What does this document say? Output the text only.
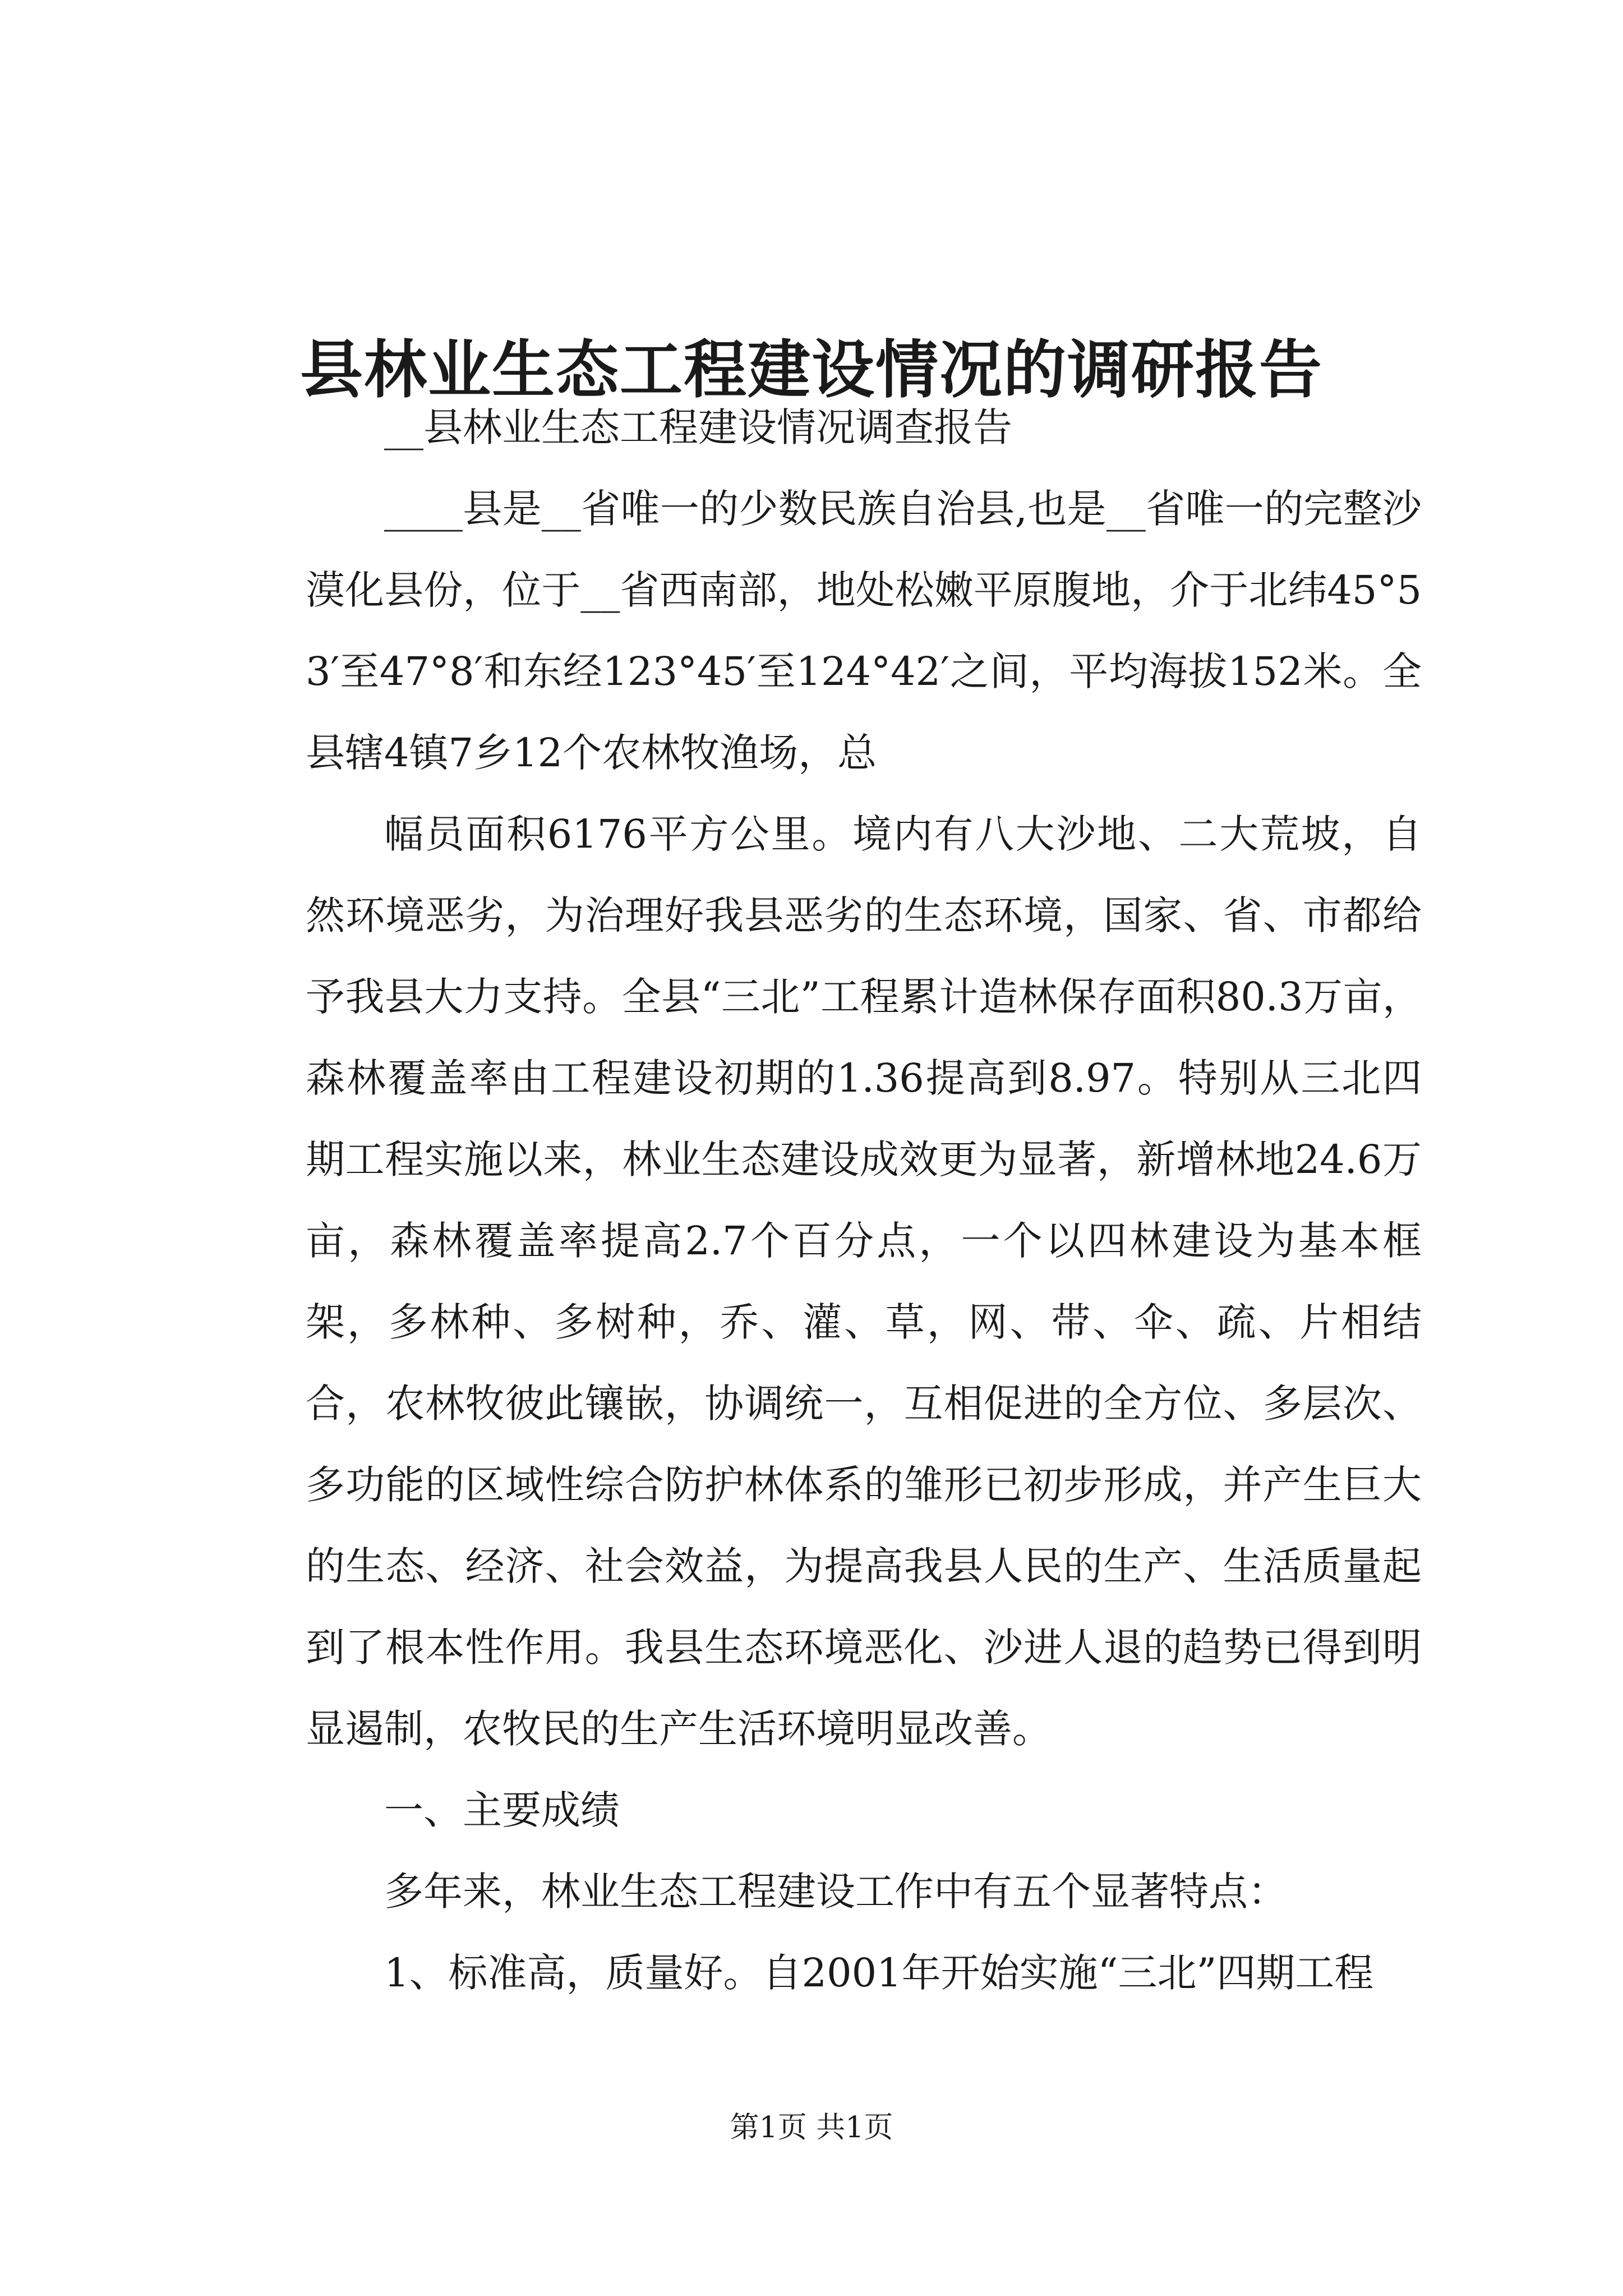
县林业生态工程建设情况的调研报告

__县林业生态工程建设情况调查报告

____县是__省唯一的少数民族自治县,也是__省唯一的完整沙漠化县份，位于__省西南部，地处松嫩平原腹地，介于北纬45°53′至47°8′和东经123°45′至124°42′之间，平均海拔152米。全县辖4镇7乡12个农林牧渔场，总

幅员面积6176平方公里。境内有八大沙地、二大荒坡，自然环境恶劣，为治理好我县恶劣的生态环境，国家、省、市都给予我县大力支持。全县“三北”工程累计造林保存面积80.3万亩，森林覆盖率由工程建设初期的1.36提高到8.97。特别从三北四期工程实施以来，林业生态建设成效更为显著，新增林地24.6万亩，森林覆盖率提高2.7个百分点，一个以四林建设为基本框架，多林种、多树种，乔、灌、草，网、带、伞、疏、片相结合，农林牧彼此镶嵌，协调统一，互相促进的全方位、多层次、多功能的区域性综合防护林体系的雏形已初步形成，并产生巨大的生态、经济、社会效益，为提高我县人民的生产、生活质量起到了根本性作用。我县生态环境恶化、沙进人退的趋势已得到明显遏制，农牧民的生产生活环境明显改善。

一、主要成绩

多年来，林业生态工程建设工作中有五个显著特点：

1、标准高，质量好。自2001年开始实施“三北”四期工程

第1页 共1页
